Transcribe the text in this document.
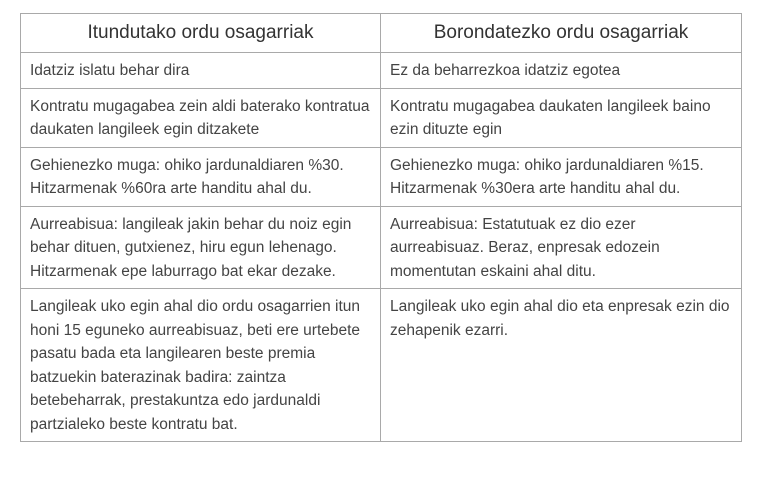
Itundutako ordu osagarriak	Borondatezko ordu osagarriak
Idatziz islatu behar dira	Ez da beharrezkoa idatziz egotea
Kontratu mugagabea zein aldi baterako kontratua daukaten langileek egin ditzakete	Kontratu mugagabea daukaten langileek baino ezin dituzte egin
Gehienezko muga: ohiko jardunaldiaren %30. Hitzarmenak %60ra arte handitu ahal du.	Gehienezko muga: ohiko jardunaldiaren %15. Hitzarmenak %30era arte handitu ahal du.
Aurreabisua: langileak jakin behar du noiz egin behar dituen, gutxienez, hiru egun lehenago. Hitzarmenak epe laburrago bat ekar dezake.	Aurreabisua: Estatutuak ez dio ezer aurreabisuaz. Beraz, enpresak edozein momentutan eskaini ahal ditu.
Langileak uko egin ahal dio ordu osagarrien itun honi 15 eguneko aurreabisuaz, beti ere urtebete pasatu bada eta langilearen beste premia batzuekin baterazinak badira: zaintza betebeharrak, prestakuntza edo jardunaldi partzialeko beste kontratu bat.	Langileak uko egin ahal dio eta enpresak ezin dio zehapenik ezarri.
